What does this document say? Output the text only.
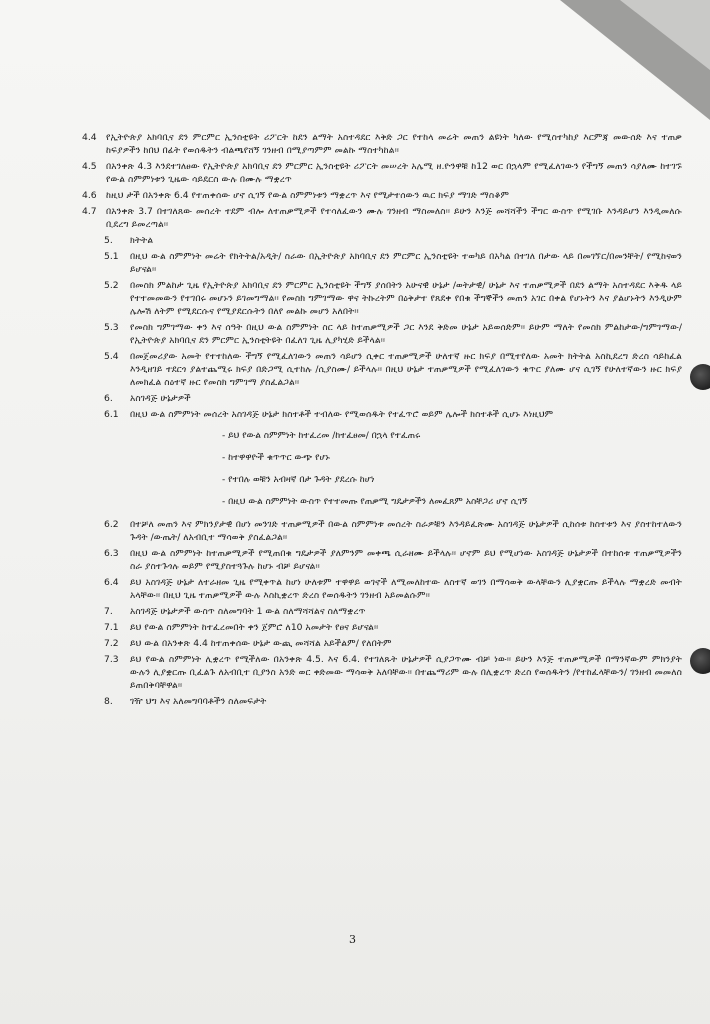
4.4 የኢትዮጵያ አክባቢና ደን ምርምር ኢንስቲዩት ሪፖርት ከደን ልማት አስተዳደር እቅድ ጋር የተከላ መሬት መጠን ልዩነት ካለው የሚስተካከያ እርምጃ መውሰድ እና ተጠቃ ከፍያዎችን ከበህ በፊት የወሰዱትን ብልጫየሸኝ ገንዘብ በሚያጣምም መልኩ ማስተካከል፡፡
4.5 በአንቀጽ 4.3 እንደተገለፀው የኢትዮጵያ አክባቢና ደን ምርምር ኢንስቲዩት ሪፖርት መሠረት አሌሚ ዘ.ዮንዋቹ ከ12 ወር በኋላም የሚፈለገውን የችግኝ መጠን ሳያለሙ ከተገኙ የውል ስምምነቱን ጊዜው ሳይደርስ ውሉ በሙሉ ማቋረጥ
4.6 ከዚህ ታች በአንቀጽ 6.4 የተጠቀሰው ሆኖ ሲገኝ የውል ስምምነቱን ማቋረጥ እና የሚታተሰውን ዉር ክፍያ ማገድ ማስቆም
4.7 በአንቀጽ 3.7 በተገለጸው መሰረት ተደም ብሎ ለተጠቃሚዎች የተሳለፈውን ሙሉ ገንዘብ ማስመለስ፡፡ ይሁን እንጅ መሻሻችን ችግር ውስጥ የሚገቡ እንዳይሆን እንዲመለሱ ቢደረግ ይመረጣል፡፡
5. ክትትል
5.1 በዚህ ውል ስምምነት መሬት የክትትል/አዲት/ ስራው በኢትዮጵያ አክባቢና ደን ምርምር ኢንስቲዩት ተወካይ በአካል በተገለ በታው ላይ በመገኘር/በመንቸት/ የሚከናወን ይሆናል፡፡
5.2 በመስክ ምልከታ ጊዜ የኢትዮጵያ አክባቢና ደን ምርምር ኢንስቲዩት ችግኝ ያሰበትን አሁናዊ ሁኔታ /ወትታዊ/ ሁኔታ እና ተጠቃሚዎች በደን ልማት አስተዳደር እቅዱ ላይ የተተመመውን የተገበሩ መሆኑን ይገመግማል፡፡ የመስክ ግምገማው ዋና ትኩረትም በዕቅታተ የጸደቀ የበቁ ችግኞችን መጠን አገር በቀል የሆኑትን እና ያልሆኑትን እንዲሁም ሌሎሽ ለትም የሚደርሱና የሚያደርሱትን በለየ መልኩ መሆን አለበት፡፡
5.3 የመስክ ግምገማው ቀን እና ሰዓት በዚህ ውል ስምምነት ስር ላይ ከተጠቃሚዎች ጋር እንደ ቅድመ ሁኔታ አይወሰድም፡፡ ይሁም ማለት የመስክ ምልከታው/ግምገማው/ የኢትዮጵያ አክባቢና ደን ምርምር ኢንስቲትዩት በፈለገ ጊዜ ሊያካሂድ ይችላል፡፡
5.4 በመጀመሪያው አመት የተተከለው ችግኝ የሚፈለገውን መጠን ሳይሆን ሲቀር ተጠቃሚዎች ሁለተኛ ዙር ክፍያ በሚተየለው አመት ክትትል አስኪደረግ ድረስ ሳይከፈል እንዲዘገይ ተደርጎ ያልተጨሚሩ ክፍያ በድጋሚ ሲተከሉ /ሲያስሙ/ ይችላሉ፡፡ በዚህ ሁኔታ ተጠቃሚዎች የሚፈለገውን ቁጥር ያለሙ ሆና ሲገኝ የሁለተኛውን ዙር ክፍያ ለመክፈል ስዕተኛ ዙር የመስክ ግምገማ ያስፈልጋል፡፡
6. አስገዳጅ ሁኔታዎች
6.1 በዚህ ውል ስምምነት መሰረት አስገዳጅ ሁኔታ ክስተቶች ተብለው የሚወሰዱት የተፈጥሮ ወይም ሌሎች ክስተቶች ሲሆኑ እነዚህም
- ይህ የውል ስምምነት ከተፈረመ /ከተፈፀመ/ በኋላ የተፈጠሩ
- ከተዋዋዮች ቁጥጥር ውጭ የሆኑ
- የተበሉ ወቹን አብዛኛ በታ ጉዳት ያደረሱ ከሆነ
- በዚህ ውል ስምምነት ውስጥ የተተመጡ የጠቃሚ ግዴታዎችን ለመፈጸም አስቸጋሪ ሆኖ ሲገኝ
6.2 በተቻለ መጠን እና ምክንያታዊ በሆነ መንገድ ተጠቃሚዎች በውል ስምምነቱ መሰረት ስራዎቹን እንዳይፈጽሙ አስገዳጅ ሁኔታዎች ሲከሰቱ ክስተቱን እና ያስተከተለውን ጉዳት /ውጤት/ ለአብቢተ ማሳወቅ ያስፈልጋል፡፡
6.3 በዚህ ውል ስምምነት ከተጠቃሚዎች የሚጠበቁ ግዴታዎች ያለምንም መቀጫ ሲራዘሙ ይችላሉ፡፡ ሆኖም ይህ የሚሆነው አስገዳጅ ሁኔታዎች በተከሰቱ ተጠቃሚዎችን ስራ ያስተጉጎሉ ወይም የሚያስተጓጉሉ ከሆኑ ብቻ ይሆናል፡፡
6.4 ይህ አስገዳጅ ሁኔታ ለተራዘመ ጊዜ የሚቀጥል ከሆነ ሁለቱም ተዋዋይ ወገኖች ለሚመለከተው ለስተኛ ወገን በማሳወቅ ውላቸውን ሊያቋርጡ ይችላሉ ማቋረድ መብት አላቸው፡፡ በዚህ ጊዜ ተጠቃሚዎች ውሉ እስኪቋረጥ ድረስ የወሰዱትን ገንዘብ አይመልሱም፡፡
7. አስገዳጅ ሁኔታዎች ውስጥ ስለመግባት 1 ውል ስለማሻሻልና ስለማቋረጥ
7.1 ይህ የውል ስምምነት ከተፈረመበት ቀን ጀምሮ ለ10 አመታት የፀና ይሆናል፡፡
7.2 ይህ ውል በአንቀጽ 4.4 ከተጠቀሰው ሁኔታ ውጪ መሻሻል አይችልም/ የለበትም
7.3 ይህ የውል ስምምነት ሊቋረጥ የሚችለው በአንቀጽ 4.5. እና 6.4. የተገለጹት ሁኔታዎች ሲያጋጥሙ ብቻ ነው፡፡ ይሁን እንጅ ተጠቃሚዎች በማንኛውም ምክንያት ውሉን ሊያቋርጡ ቢፈልጉ ለአብቢተ ቢያንስ አንድ ወር ቀድመው ማሳወቅ አለባቸው፡፡ በተጨማሪም ውሉ በሊቋረጥ ድረስ የወሰዱትን /የተከፈላቸውን/ ገንዘብ መመለስ ይጠበቅባቸዋል፡፡
8. ገዥ ህግ እና አለመግባባቶችን ስለመፍታት
3
